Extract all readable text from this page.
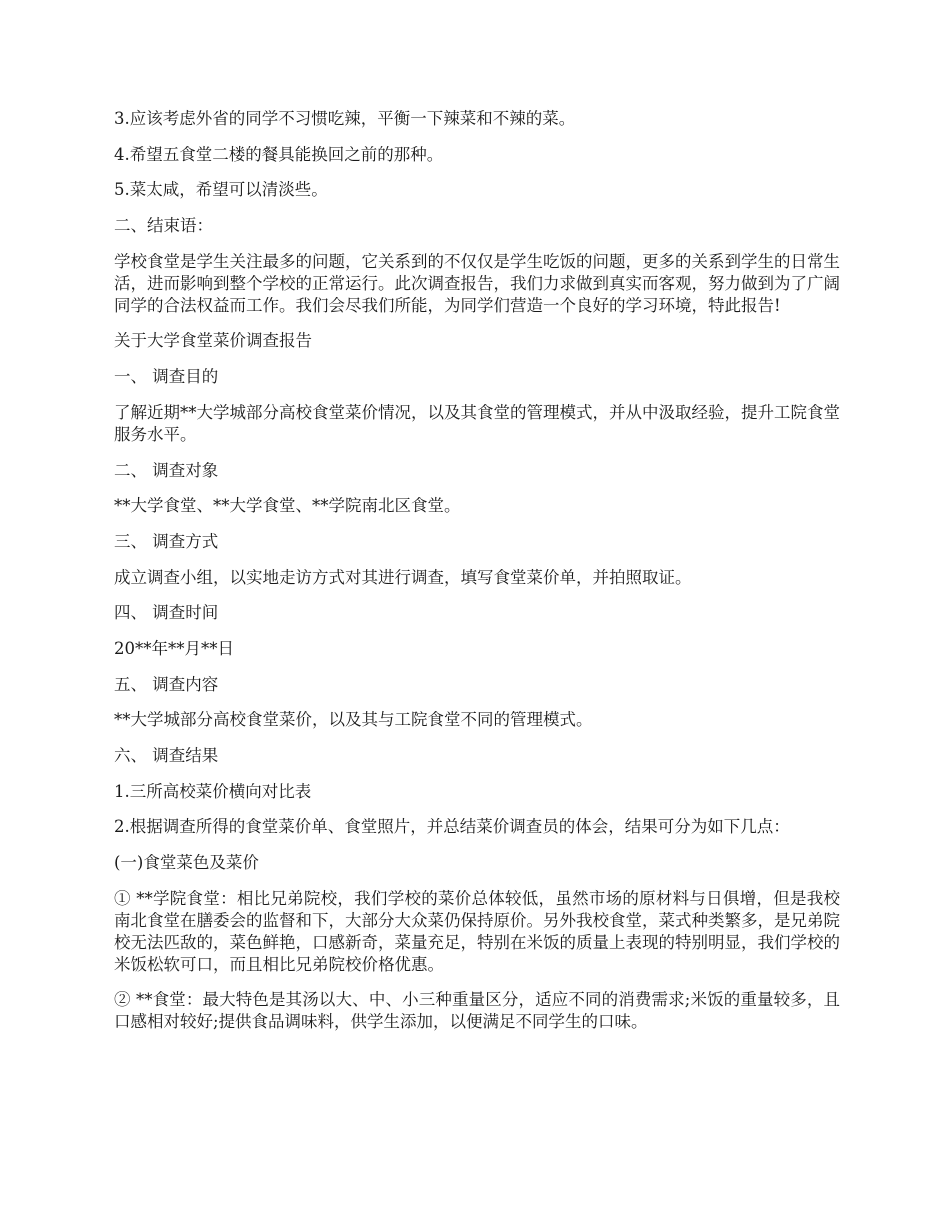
3.应该考虑外省的同学不习惯吃辣，平衡一下辣菜和不辣的菜。

4.希望五食堂二楼的餐具能换回之前的那种。

5.菜太咸，希望可以清淡些。

二、结束语：

学校食堂是学生关注最多的问题，它关系到的不仅仅是学生吃饭的问题，更多的关系到学生的日常生活，进而影响到整个学校的正常运行。此次调查报告，我们力求做到真实而客观，努力做到为了广阔同学的合法权益而工作。我们会尽我们所能，为同学们营造一个良好的学习环境，特此报告!

关于大学食堂菜价调查报告

一、 调查目的

了解近期**大学城部分高校食堂菜价情况，以及其食堂的管理模式，并从中汲取经验，提升工院食堂服务水平。

二、 调查对象

**大学食堂、**大学食堂、**学院南北区食堂。

三、 调查方式

成立调查小组，以实地走访方式对其进行调查，填写食堂菜价单，并拍照取证。

四、 调查时间

20**年**月**日

五、 调查内容

**大学城部分高校食堂菜价，以及其与工院食堂不同的管理模式。

六、 调查结果

1.三所高校菜价横向对比表

2.根据调查所得的食堂菜价单、食堂照片，并总结菜价调查员的体会，结果可分为如下几点：

(一)食堂菜色及菜价

① **学院食堂：相比兄弟院校，我们学校的菜价总体较低，虽然市场的原材料与日俱增，但是我校南北食堂在膳委会的监督和下，大部分大众菜仍保持原价。另外我校食堂，菜式种类繁多，是兄弟院校无法匹敌的，菜色鲜艳，口感新奇，菜量充足，特别在米饭的质量上表现的特别明显，我们学校的米饭松软可口，而且相比兄弟院校价格优惠。

② **食堂：最大特色是其汤以大、中、小三种重量区分，适应不同的消费需求;米饭的重量较多，且口感相对较好;提供食品调味料，供学生添加，以便满足不同学生的口味。
